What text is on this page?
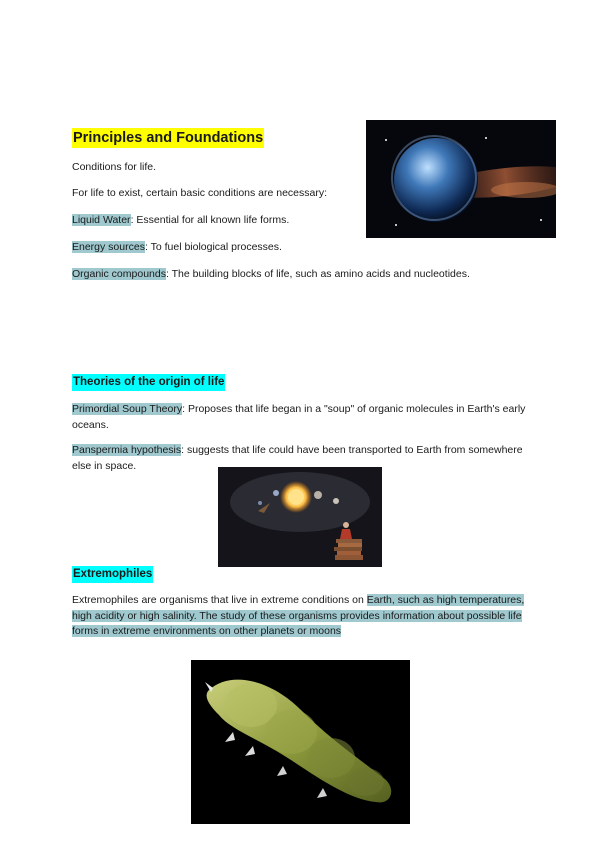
Principles and Foundations
Conditions for life.
For life to exist, certain basic conditions are necessary:
Liquid Water: Essential for all known life forms.
Energy sources: To fuel biological processes.
Organic compounds: The building blocks of life, such as amino acids and nucleotides.
Theories of the origin of life
Primordial Soup Theory: Proposes that life began in a "soup" of organic molecules in Earth's early oceans.
Panspermia hypothesis: suggests that life could have been transported to Earth from somewhere else in space.
Extremophiles
Extremophiles are organisms that live in extreme conditions on Earth, such as high temperatures, high acidity or high salinity. The study of these organisms provides information about possible life forms in extreme environments on other planets or moons
